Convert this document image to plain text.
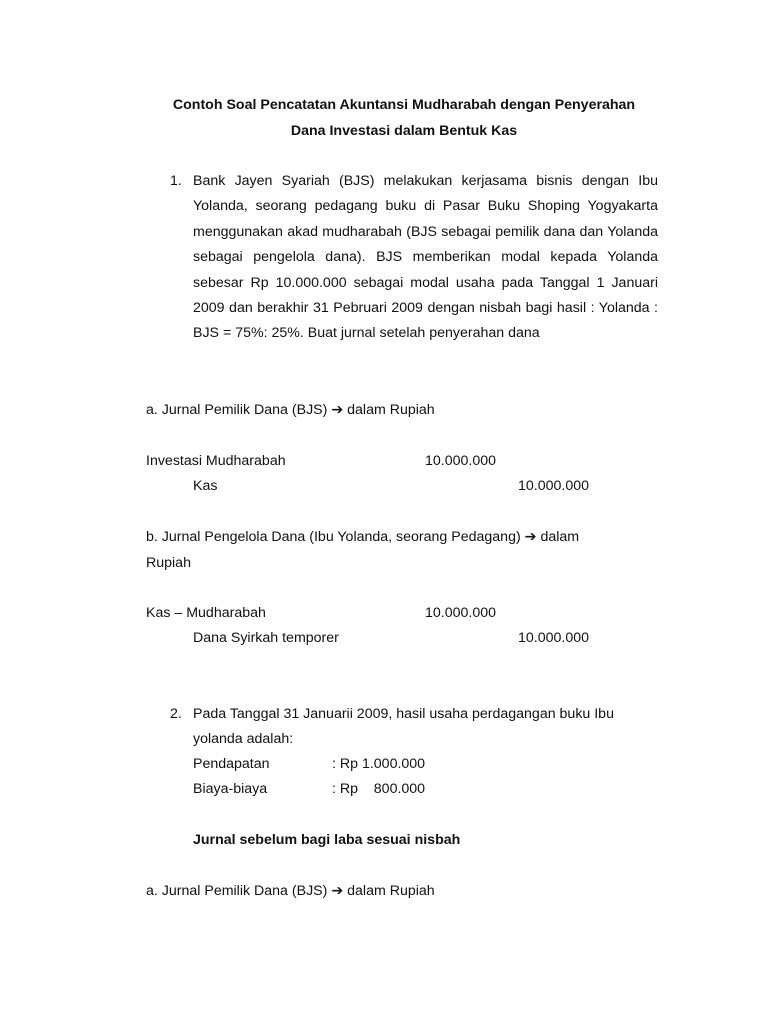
Contoh Soal Pencatatan Akuntansi Mudharabah dengan Penyerahan
Dana Investasi dalam Bentuk Kas
1. Bank Jayen Syariah (BJS) melakukan kerjasama bisnis dengan Ibu Yolanda, seorang pedagang buku di Pasar Buku Shoping Yogyakarta menggunakan akad mudharabah (BJS sebagai pemilik dana dan Yolanda sebagai pengelola dana). BJS memberikan modal kepada Yolanda sebesar Rp 10.000.000 sebagai modal usaha pada Tanggal 1 Januari 2009 dan berakhir 31 Pebruari 2009 dengan nisbah bagi hasil : Yolanda : BJS = 75%: 25%. Buat jurnal setelah penyerahan dana
a. Jurnal Pemilik Dana (BJS) ➔ dalam Rupiah
Investasi Mudharabah	10.000.000
Kas	10.000.000
b. Jurnal Pengelola Dana (Ibu Yolanda, seorang Pedagang) ➔ dalam
Rupiah
Kas – Mudharabah	10.000.000
Dana Syirkah temporer	10.000.000
2. Pada Tanggal 31 Januarii 2009, hasil usaha perdagangan buku Ibu
yolanda adalah:
Pendapatan	: Rp 1.000.000
Biaya-biaya	: Rp    800.000
Jurnal sebelum bagi laba sesuai nisbah
a. Jurnal Pemilik Dana (BJS) ➔ dalam Rupiah
